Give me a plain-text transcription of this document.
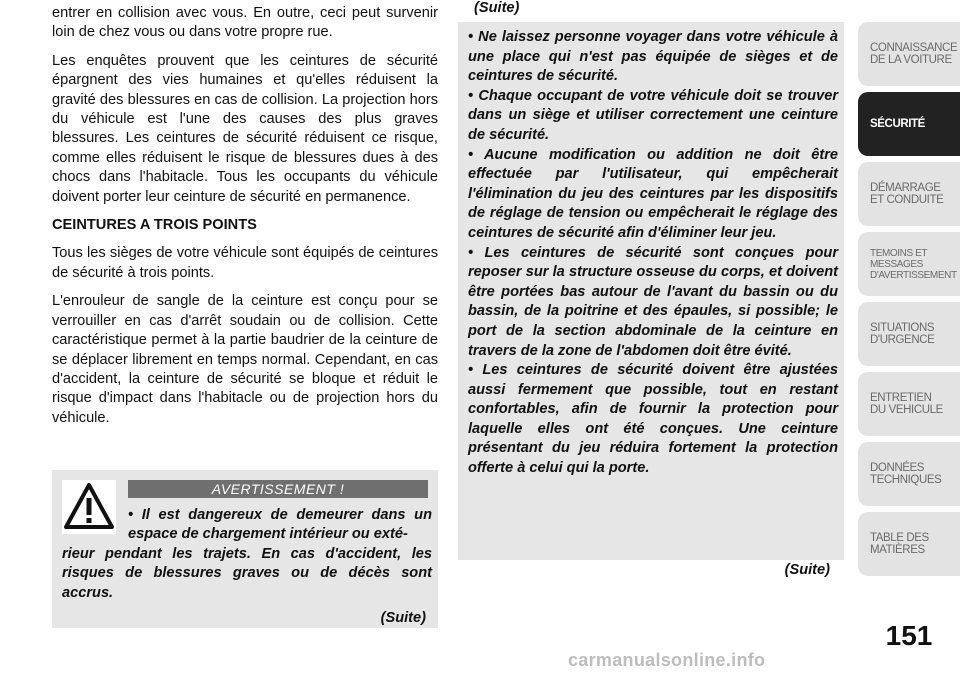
entrer en collision avec vous. En outre, ceci peut survenir loin de chez vous ou dans votre propre rue.

Les enquêtes prouvent que les ceintures de sécurité épargnent des vies humaines et qu'elles réduisent la gravité des blessures en cas de collision. La projection hors du véhicule est l'une des causes des plus graves blessures. Les ceintures de sécurité réduisent ce risque, comme elles réduisent le risque de blessures dues à des chocs dans l'habitacle. Tous les occupants du véhicule doivent porter leur ceinture de sécurité en permanence.

CEINTURES A TROIS POINTS

Tous les sièges de votre véhicule sont équipés de ceintures de sécurité à trois points.

L'enrouleur de sangle de la ceinture est conçu pour se verrouiller en cas d'arrêt soudain ou de collision. Cette caractéristique permet à la partie baudrier de la ceinture de se déplacer librement en temps normal. Cependant, en cas d'accident, la ceinture de sécurité se bloque et réduit le risque d'impact dans l'habitacle ou de projection hors du véhicule.

AVERTISSEMENT !
• Il est dangereux de demeurer dans un espace de chargement intérieur ou exté-
rieur pendant les trajets. En cas d'accident, les risques de blessures graves ou de décès sont accrus.
(Suite)
(Suite)

• Ne laissez personne voyager dans votre véhicule à une place qui n'est pas équipée de sièges et de ceintures de sécurité.

• Chaque occupant de votre véhicule doit se trouver dans un siège et utiliser correctement une ceinture de sécurité.

• Aucune modification ou addition ne doit être effectuée par l'utilisateur, qui empêcherait l'élimination du jeu des ceintures par les dispositifs de réglage de tension ou empêcherait le réglage des ceintures de sécurité afin d'éliminer leur jeu.

• Les ceintures de sécurité sont conçues pour reposer sur la structure osseuse du corps, et doivent être portées bas autour de l'avant du bassin ou du bassin, de la poitrine et des épaules, si possible; le port de la section abdominale de la ceinture en travers de la zone de l'abdomen doit être évité.

• Les ceintures de sécurité doivent être ajustées aussi fermement que possible, tout en restant confortables, afin de fournir la protection pour laquelle elles ont été conçues. Une ceinture présentant du jeu réduira fortement la protection offerte à celui qui la porte.

(Suite)
CONNAISSANCE
DE LA VOITURE
SÉCURITÉ
DÉMARRAGE
ET CONDUITE
TEMOINS ET
MESSAGES
D'AVERTISSEMENT
SITUATIONS
D'URGENCE
ENTRETIEN
DU VEHICULE
DONNÉES
TECHNIQUES
TABLE DES
MATIÈRES
151
carmanualsonline.info
